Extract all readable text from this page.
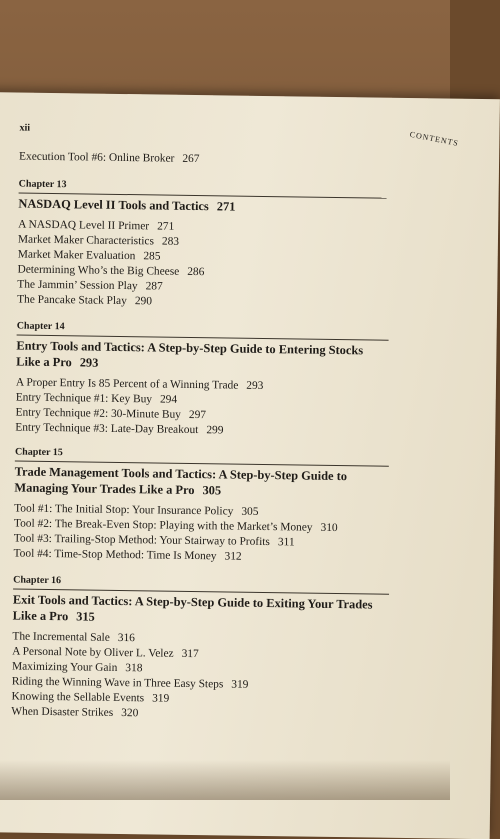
xii
CONTENTS
Execution Tool #6: Online Broker 267
Chapter 13
NASDAQ Level II Tools and Tactics 271
A NASDAQ Level II Primer 271
Market Maker Characteristics 283
Market Maker Evaluation 285
Determining Who’s the Big Cheese 286
The Jammin’ Session Play 287
The Pancake Stack Play 290
Chapter 14
Entry Tools and Tactics: A Step-by-Step Guide to Entering Stocks
Like a Pro 293
A Proper Entry Is 85 Percent of a Winning Trade 293
Entry Technique #1: Key Buy 294
Entry Technique #2: 30-Minute Buy 297
Entry Technique #3: Late-Day Breakout 299
Chapter 15
Trade Management Tools and Tactics: A Step-by-Step Guide to
Managing Your Trades Like a Pro 305
Tool #1: The Initial Stop: Your Insurance Policy 305
Tool #2: The Break-Even Stop: Playing with the Market’s Money 310
Tool #3: Trailing-Stop Method: Your Stairway to Profits 311
Tool #4: Time-Stop Method: Time Is Money 312
Chapter 16
Exit Tools and Tactics: A Step-by-Step Guide to Exiting Your Trades
Like a Pro 315
The Incremental Sale 316
A Personal Note by Oliver L. Velez 317
Maximizing Your Gain 318
Riding the Winning Wave in Three Easy Steps 319
Knowing the Sellable Events 319
When Disaster Strikes 320
